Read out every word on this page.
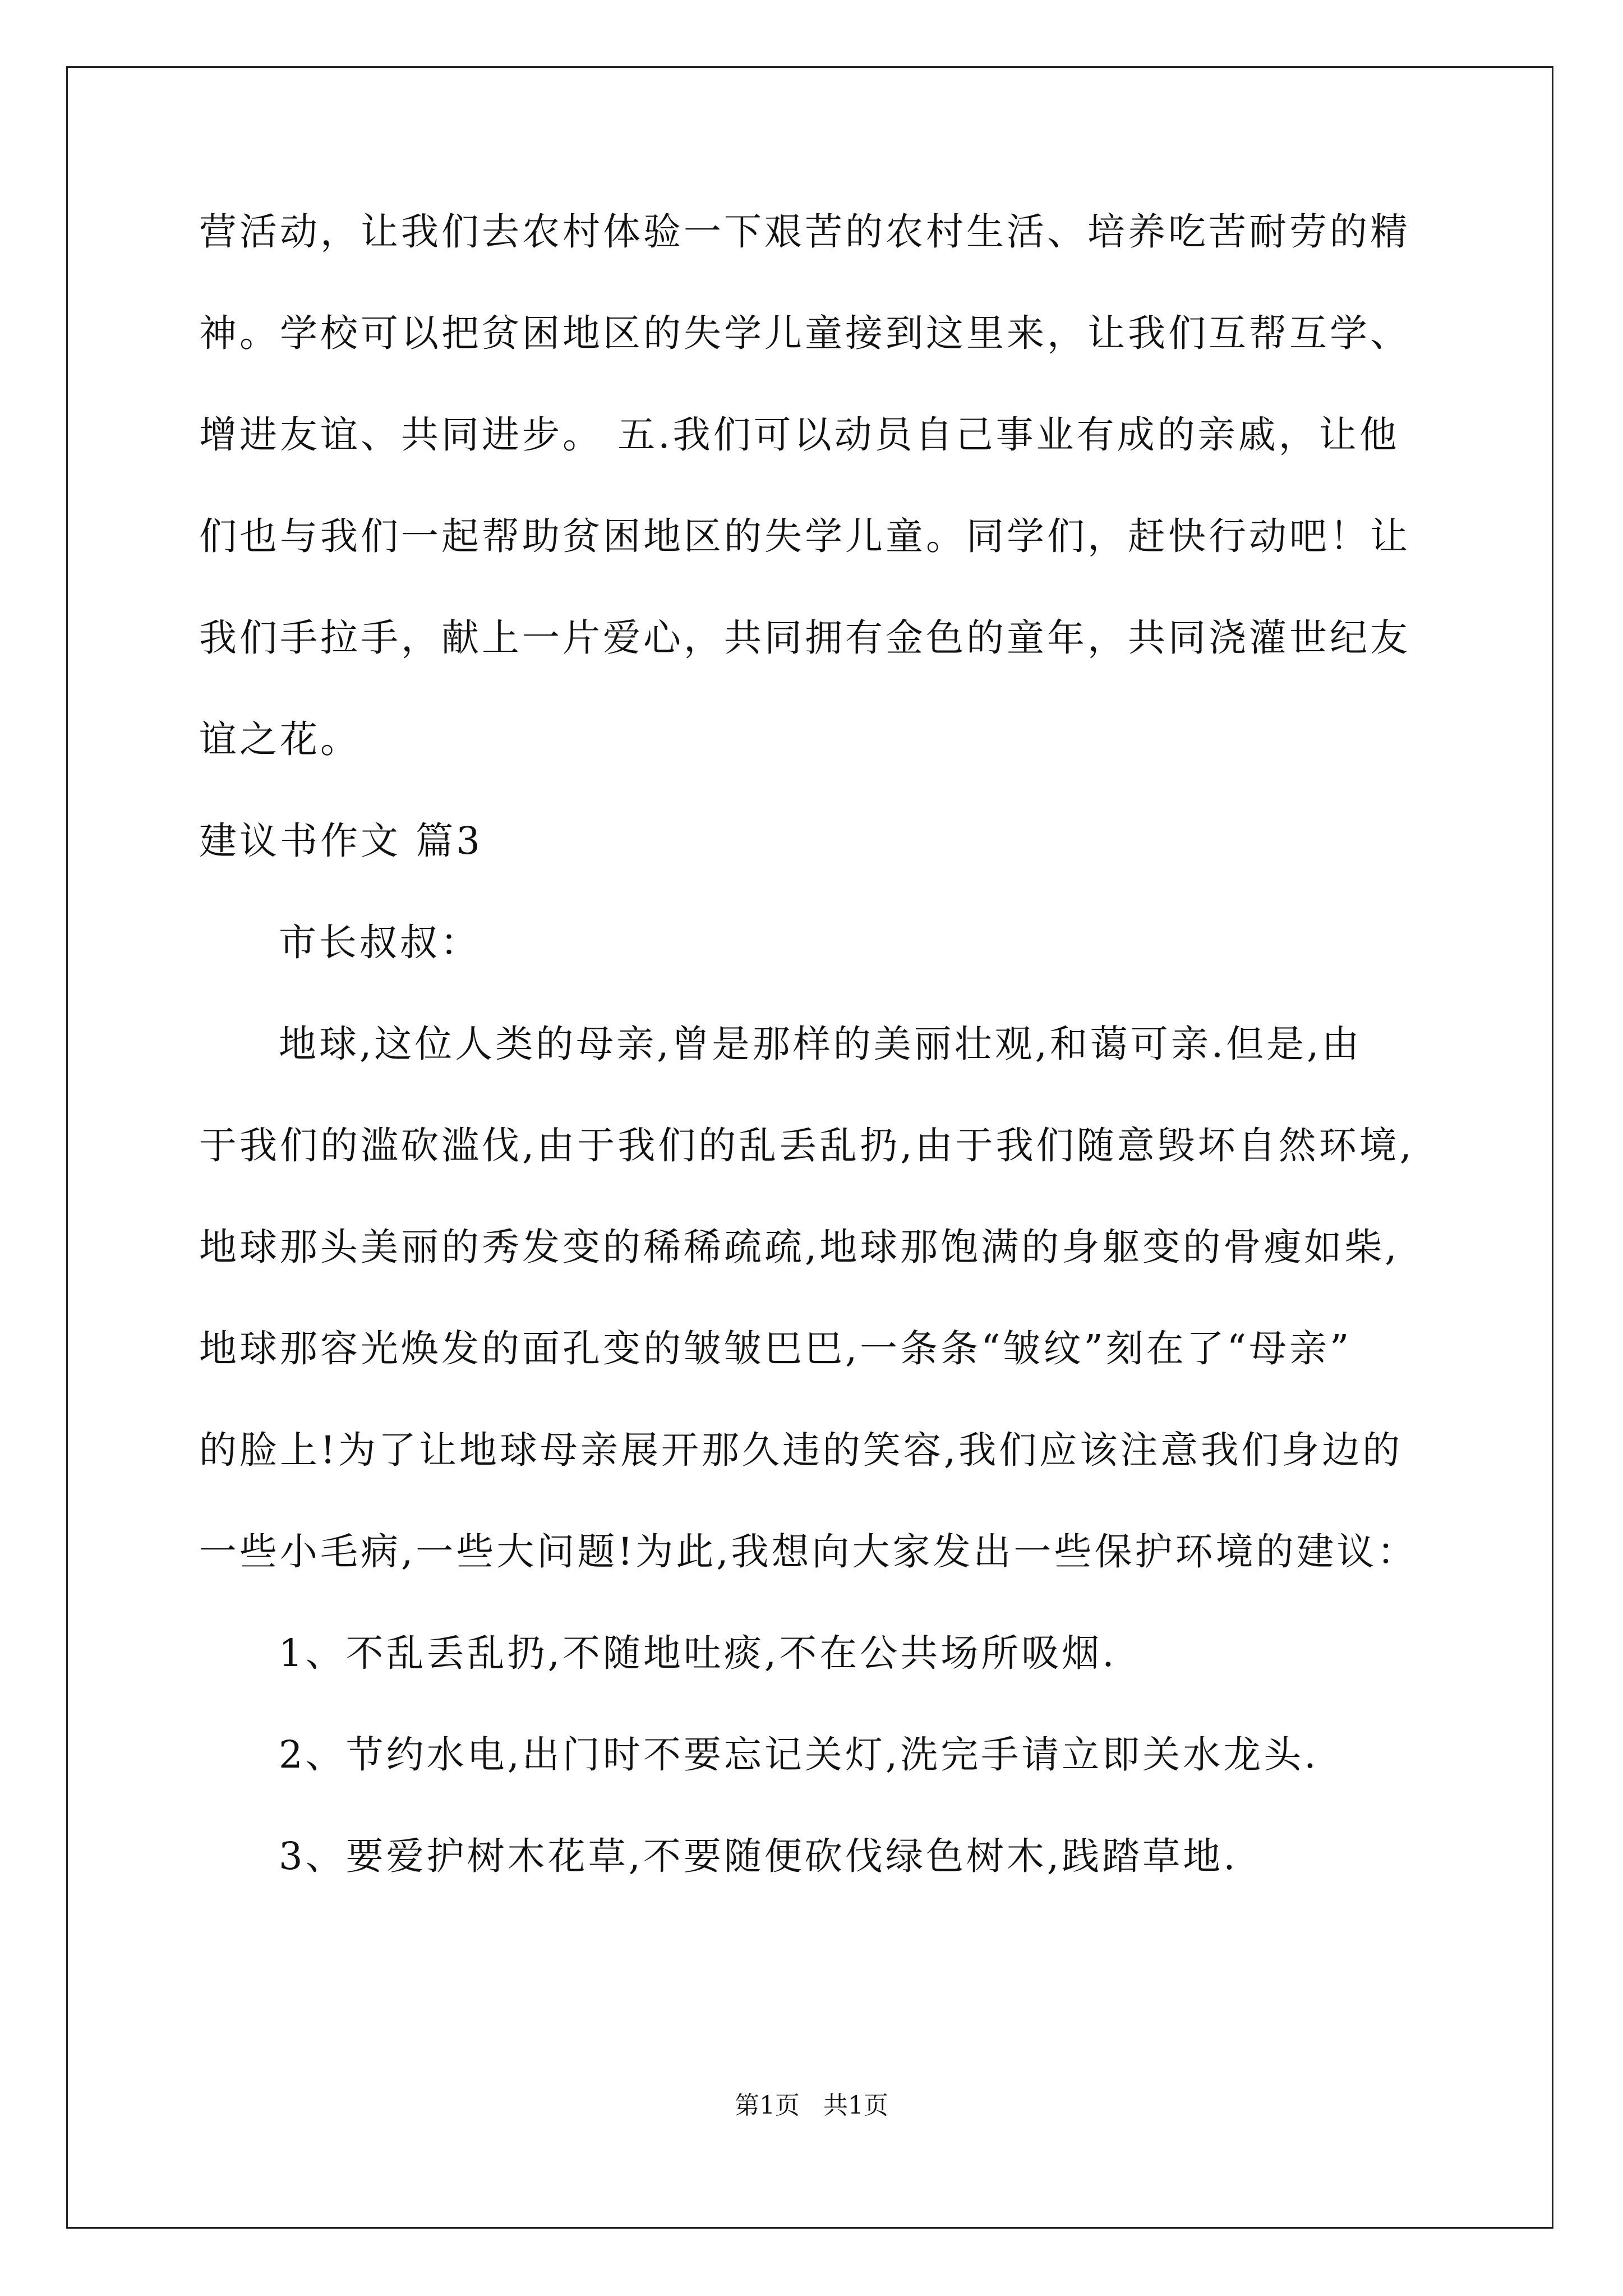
营活动，让我们去农村体验一下艰苦的农村生活、培养吃苦耐劳的精
神。学校可以把贫困地区的失学儿童接到这里来，让我们互帮互学、
增进友谊、共同进步。 五.我们可以动员自己事业有成的亲戚，让他
们也与我们一起帮助贫困地区的失学儿童。同学们，赶快行动吧！让
我们手拉手，献上一片爱心，共同拥有金色的童年，共同浇灌世纪友
谊之花。
建议书作文 篇3
市长叔叔：
地球,这位人类的母亲,曾是那样的美丽壮观,和蔼可亲.但是,由
于我们的滥砍滥伐,由于我们的乱丢乱扔,由于我们随意毁坏自然环境,
地球那头美丽的秀发变的稀稀疏疏,地球那饱满的身躯变的骨瘦如柴,
地球那容光焕发的面孔变的皱皱巴巴,一条条“皱纹”刻在了“母亲”
的脸上!为了让地球母亲展开那久违的笑容,我们应该注意我们身边的
一些小毛病,一些大问题!为此,我想向大家发出一些保护环境的建议：
1、不乱丢乱扔,不随地吐痰,不在公共场所吸烟.
2、节约水电,出门时不要忘记关灯,洗完手请立即关水龙头.
3、要爱护树木花草,不要随便砍伐绿色树木,践踏草地.
第1页 共1页
